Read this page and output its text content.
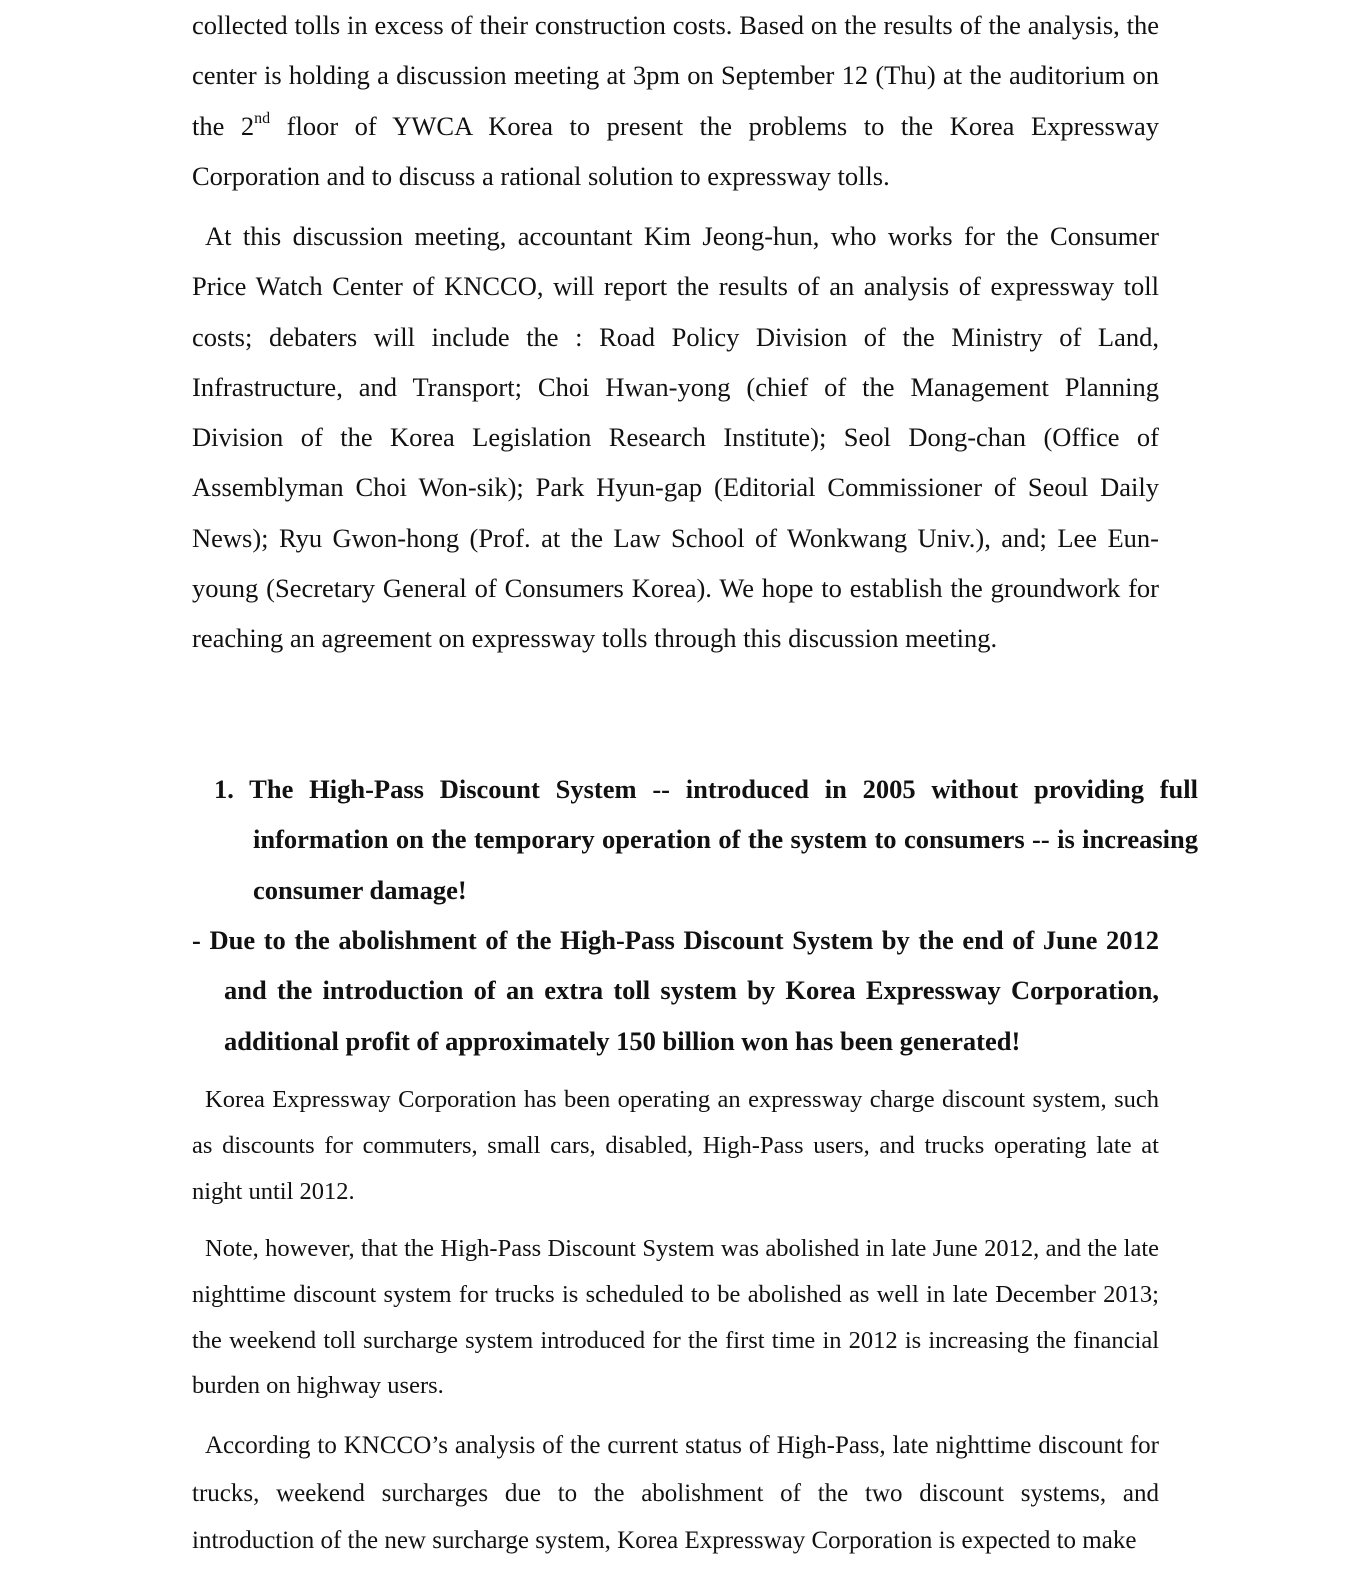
collected tolls in excess of their construction costs. Based on the results of the analysis, the center is holding a discussion meeting at 3pm on September 12 (Thu) at the auditorium on the 2nd floor of YWCA Korea to present the problems to the Korea Expressway Corporation and to discuss a rational solution to expressway tolls.

At this discussion meeting, accountant Kim Jeong-hun, who works for the Consumer Price Watch Center of KNCCO, will report the results of an analysis of expressway toll costs; debaters will include the : Road Policy Division of the Ministry of Land, Infrastructure, and Transport; Choi Hwan-yong (chief of the Management Planning Division of the Korea Legislation Research Institute); Seol Dong-chan (Office of Assemblyman Choi Won-sik); Park Hyun-gap (Editorial Commissioner of Seoul Daily News); Ryu Gwon-hong (Prof. at the Law School of Wonkwang Univ.), and; Lee Eun-young (Secretary General of Consumers Korea). We hope to establish the groundwork for reaching an agreement on expressway tolls through this discussion meeting.

1. The High-Pass Discount System -- introduced in 2005 without providing full information on the temporary operation of the system to consumers -- is increasing consumer damage!

- Due to the abolishment of the High-Pass Discount System by the end of June 2012 and the introduction of an extra toll system by Korea Expressway Corporation, additional profit of approximately 150 billion won has been generated!

Korea Expressway Corporation has been operating an expressway charge discount system, such as discounts for commuters, small cars, disabled, High-Pass users, and trucks operating late at night until 2012.

Note, however, that the High-Pass Discount System was abolished in late June 2012, and the late nighttime discount system for trucks is scheduled to be abolished as well in late December 2013; the weekend toll surcharge system introduced for the first time in 2012 is increasing the financial burden on highway users.

According to KNCCO’s analysis of the current status of High-Pass, late nighttime discount for trucks, weekend surcharges due to the abolishment of the two discount systems, and introduction of the new surcharge system, Korea Expressway Corporation is expected to make
